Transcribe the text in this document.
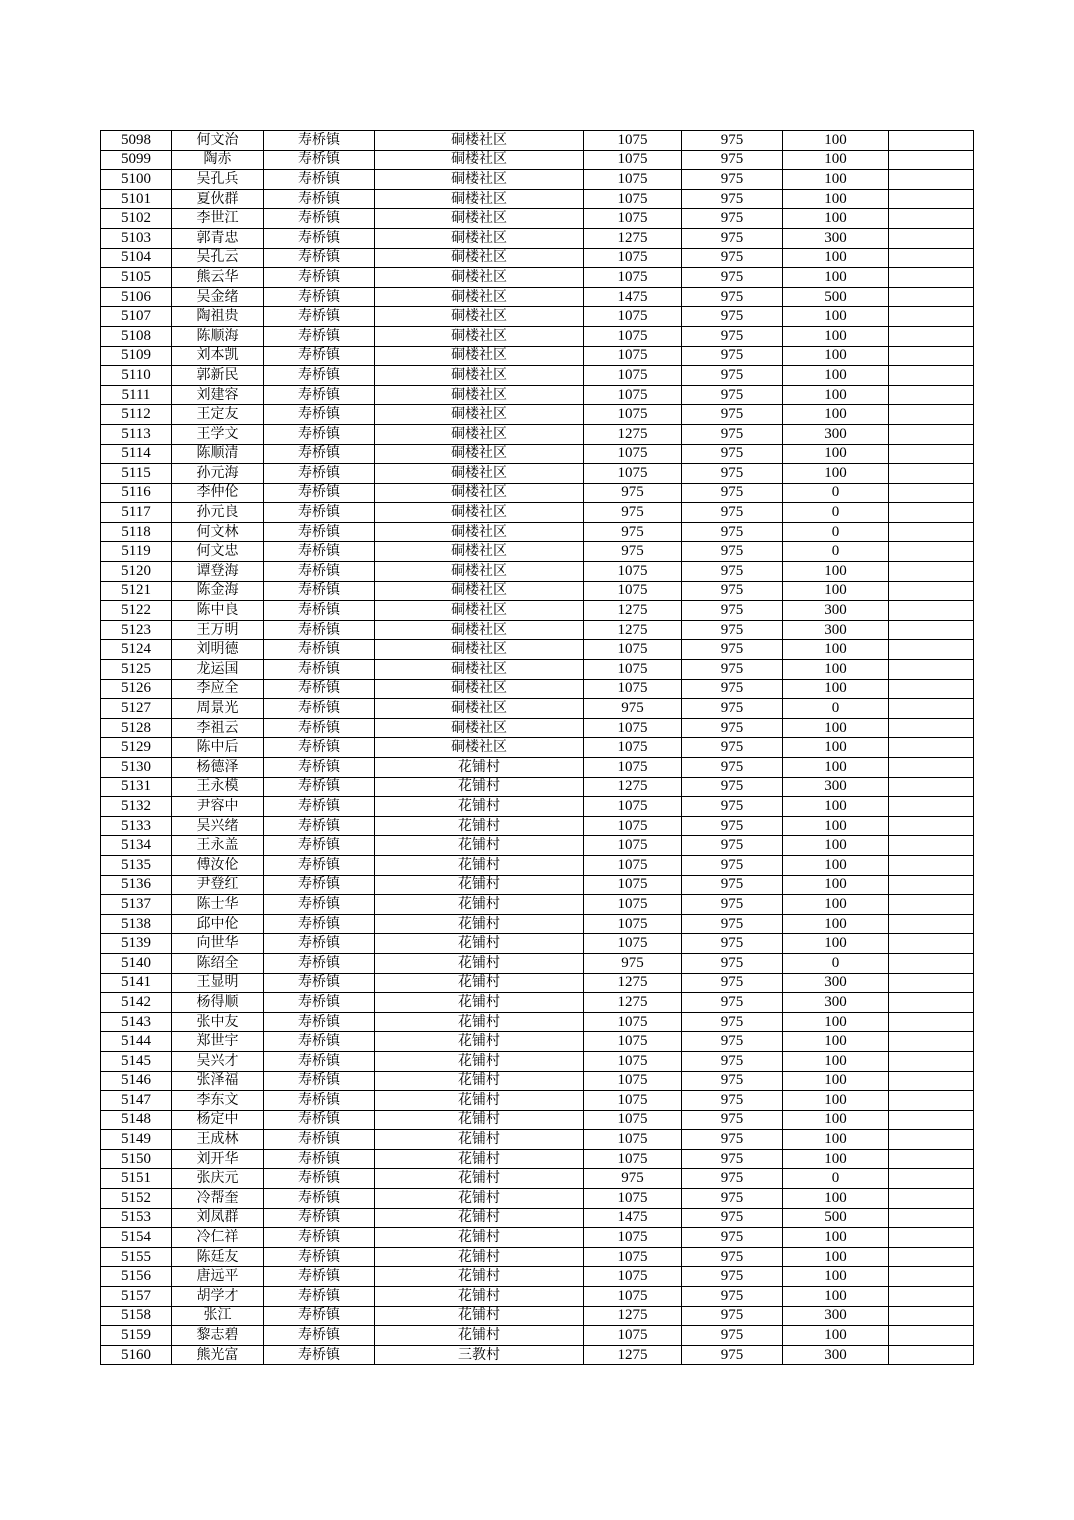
5098	何文治	寿桥镇	硐楼社区	1075	975	100	
5099	陶赤	寿桥镇	硐楼社区	1075	975	100	
5100	吴孔兵	寿桥镇	硐楼社区	1075	975	100	
5101	夏伙群	寿桥镇	硐楼社区	1075	975	100	
5102	李世江	寿桥镇	硐楼社区	1075	975	100	
5103	郭青忠	寿桥镇	硐楼社区	1275	975	300	
5104	吴孔云	寿桥镇	硐楼社区	1075	975	100	
5105	熊云华	寿桥镇	硐楼社区	1075	975	100	
5106	吴金绪	寿桥镇	硐楼社区	1475	975	500	
5107	陶祖贵	寿桥镇	硐楼社区	1075	975	100	
5108	陈顺海	寿桥镇	硐楼社区	1075	975	100	
5109	刘本凯	寿桥镇	硐楼社区	1075	975	100	
5110	郭新民	寿桥镇	硐楼社区	1075	975	100	
5111	刘建容	寿桥镇	硐楼社区	1075	975	100	
5112	王定友	寿桥镇	硐楼社区	1075	975	100	
5113	王学文	寿桥镇	硐楼社区	1275	975	300	
5114	陈顺清	寿桥镇	硐楼社区	1075	975	100	
5115	孙元海	寿桥镇	硐楼社区	1075	975	100	
5116	李仲伦	寿桥镇	硐楼社区	975	975	0	
5117	孙元良	寿桥镇	硐楼社区	975	975	0	
5118	何文林	寿桥镇	硐楼社区	975	975	0	
5119	何文忠	寿桥镇	硐楼社区	975	975	0	
5120	谭登海	寿桥镇	硐楼社区	1075	975	100	
5121	陈金海	寿桥镇	硐楼社区	1075	975	100	
5122	陈中良	寿桥镇	硐楼社区	1275	975	300	
5123	王万明	寿桥镇	硐楼社区	1275	975	300	
5124	刘明德	寿桥镇	硐楼社区	1075	975	100	
5125	龙运国	寿桥镇	硐楼社区	1075	975	100	
5126	李应全	寿桥镇	硐楼社区	1075	975	100	
5127	周景光	寿桥镇	硐楼社区	975	975	0	
5128	李祖云	寿桥镇	硐楼社区	1075	975	100	
5129	陈中后	寿桥镇	硐楼社区	1075	975	100	
5130	杨德泽	寿桥镇	花铺村	1075	975	100	
5131	王永模	寿桥镇	花铺村	1275	975	300	
5132	尹容中	寿桥镇	花铺村	1075	975	100	
5133	吴兴绪	寿桥镇	花铺村	1075	975	100	
5134	王永盖	寿桥镇	花铺村	1075	975	100	
5135	傅汝伦	寿桥镇	花铺村	1075	975	100	
5136	尹登红	寿桥镇	花铺村	1075	975	100	
5137	陈士华	寿桥镇	花铺村	1075	975	100	
5138	邱中伦	寿桥镇	花铺村	1075	975	100	
5139	向世华	寿桥镇	花铺村	1075	975	100	
5140	陈绍全	寿桥镇	花铺村	975	975	0	
5141	王显明	寿桥镇	花铺村	1275	975	300	
5142	杨得顺	寿桥镇	花铺村	1275	975	300	
5143	张中友	寿桥镇	花铺村	1075	975	100	
5144	郑世宇	寿桥镇	花铺村	1075	975	100	
5145	吴兴才	寿桥镇	花铺村	1075	975	100	
5146	张泽福	寿桥镇	花铺村	1075	975	100	
5147	李东文	寿桥镇	花铺村	1075	975	100	
5148	杨定中	寿桥镇	花铺村	1075	975	100	
5149	王成林	寿桥镇	花铺村	1075	975	100	
5150	刘开华	寿桥镇	花铺村	1075	975	100	
5151	张庆元	寿桥镇	花铺村	975	975	0	
5152	冷帮奎	寿桥镇	花铺村	1075	975	100	
5153	刘凤群	寿桥镇	花铺村	1475	975	500	
5154	冷仁祥	寿桥镇	花铺村	1075	975	100	
5155	陈廷友	寿桥镇	花铺村	1075	975	100	
5156	唐远平	寿桥镇	花铺村	1075	975	100	
5157	胡学才	寿桥镇	花铺村	1075	975	100	
5158	张江	寿桥镇	花铺村	1275	975	300	
5159	黎志碧	寿桥镇	花铺村	1075	975	100	
5160	熊光富	寿桥镇	三教村	1275	975	300	
